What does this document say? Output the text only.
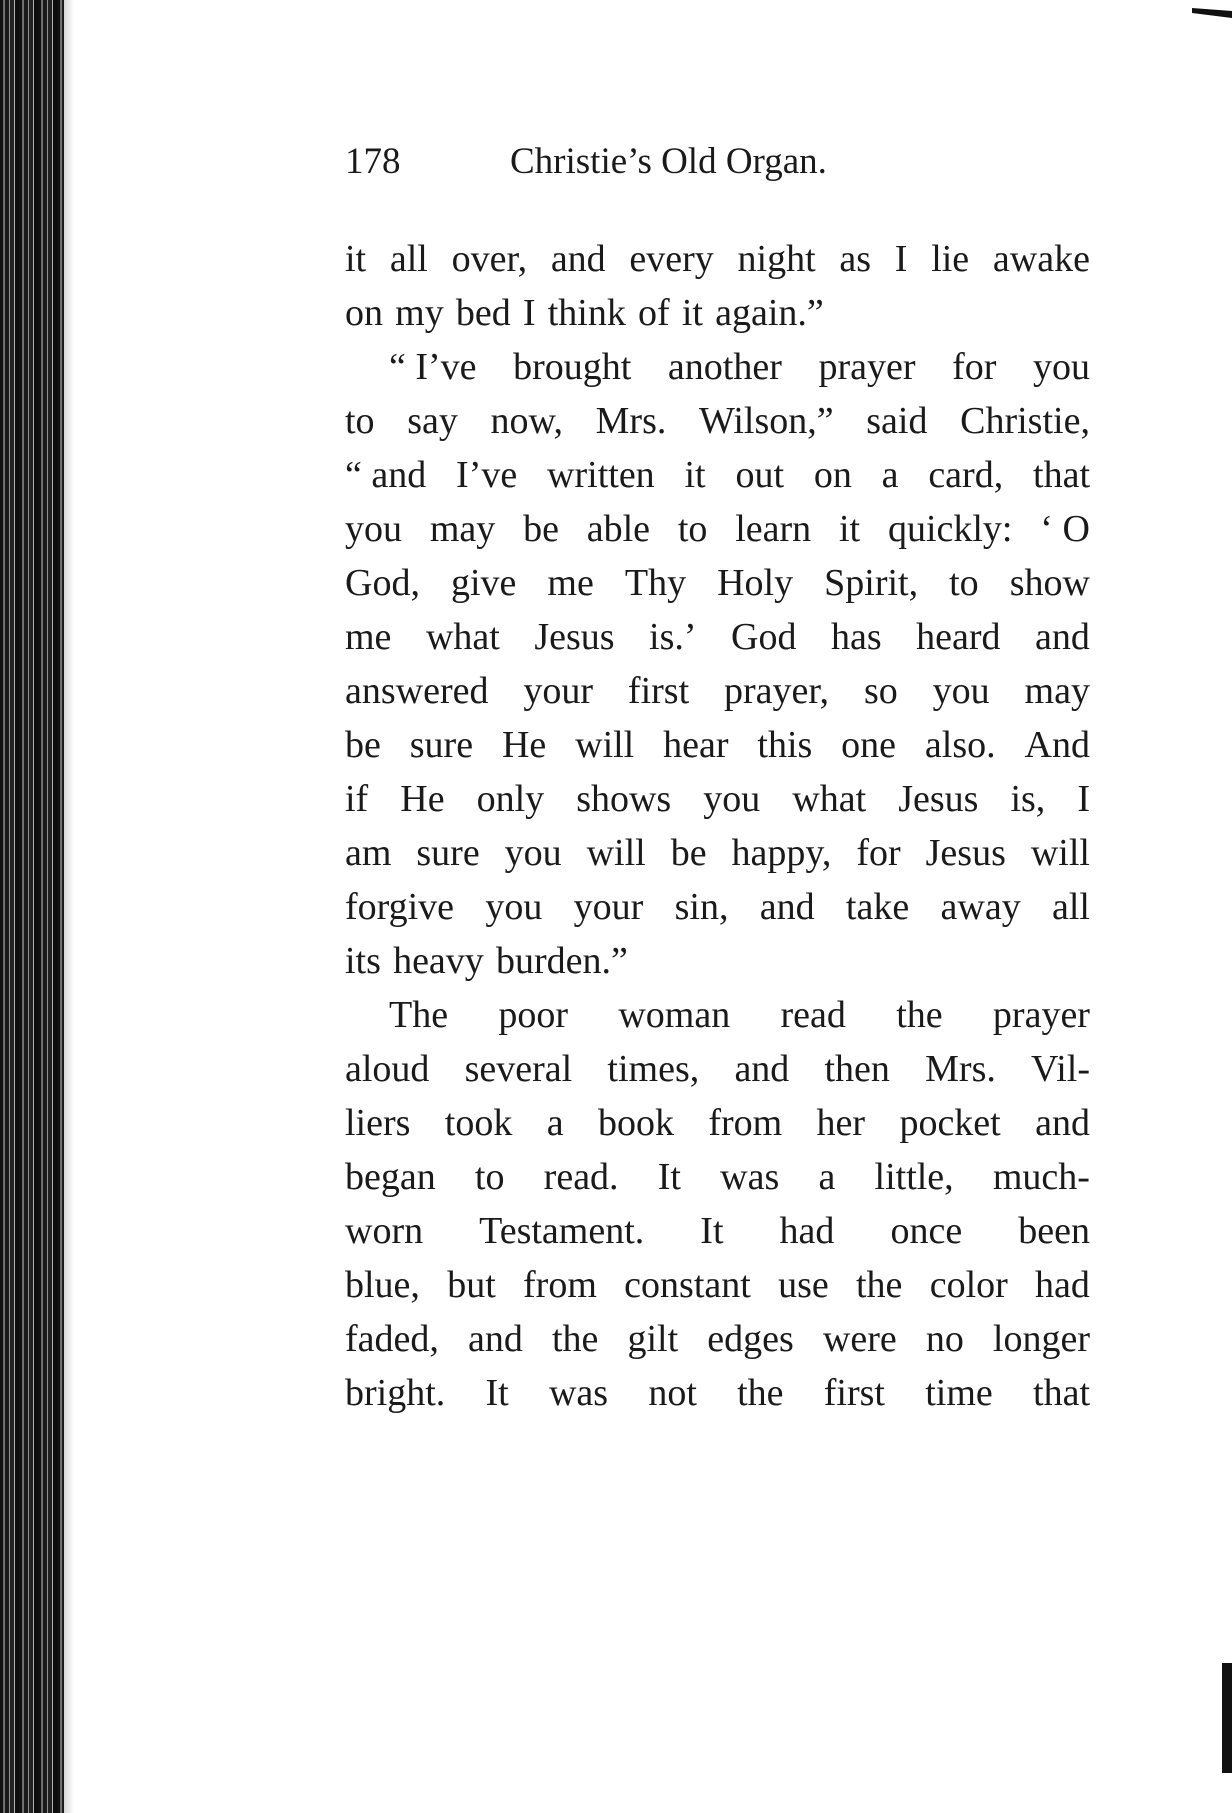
178	Christie’s Old Organ.
it all over, and every night as I lie awake
on my bed I think of it again.”
“ I’ve brought another prayer for you
to say now, Mrs. Wilson,” said Christie,
“ and I’ve written it out on a card, that
you may be able to learn it quickly: ‘ O
God, give me Thy Holy Spirit, to show
me what Jesus is.’ God has heard and
answered your first prayer, so you may
be sure He will hear this one also. And
if He only shows you what Jesus is, I
am sure you will be happy, for Jesus will
forgive you your sin, and take away all
its heavy burden.”
The poor woman read the prayer
aloud several times, and then Mrs. Vil-
liers took a book from her pocket and
began to read. It was a little, much-
worn Testament. It had once been
blue, but from constant use the color had
faded, and the gilt edges were no longer
bright. It was not the first time that
